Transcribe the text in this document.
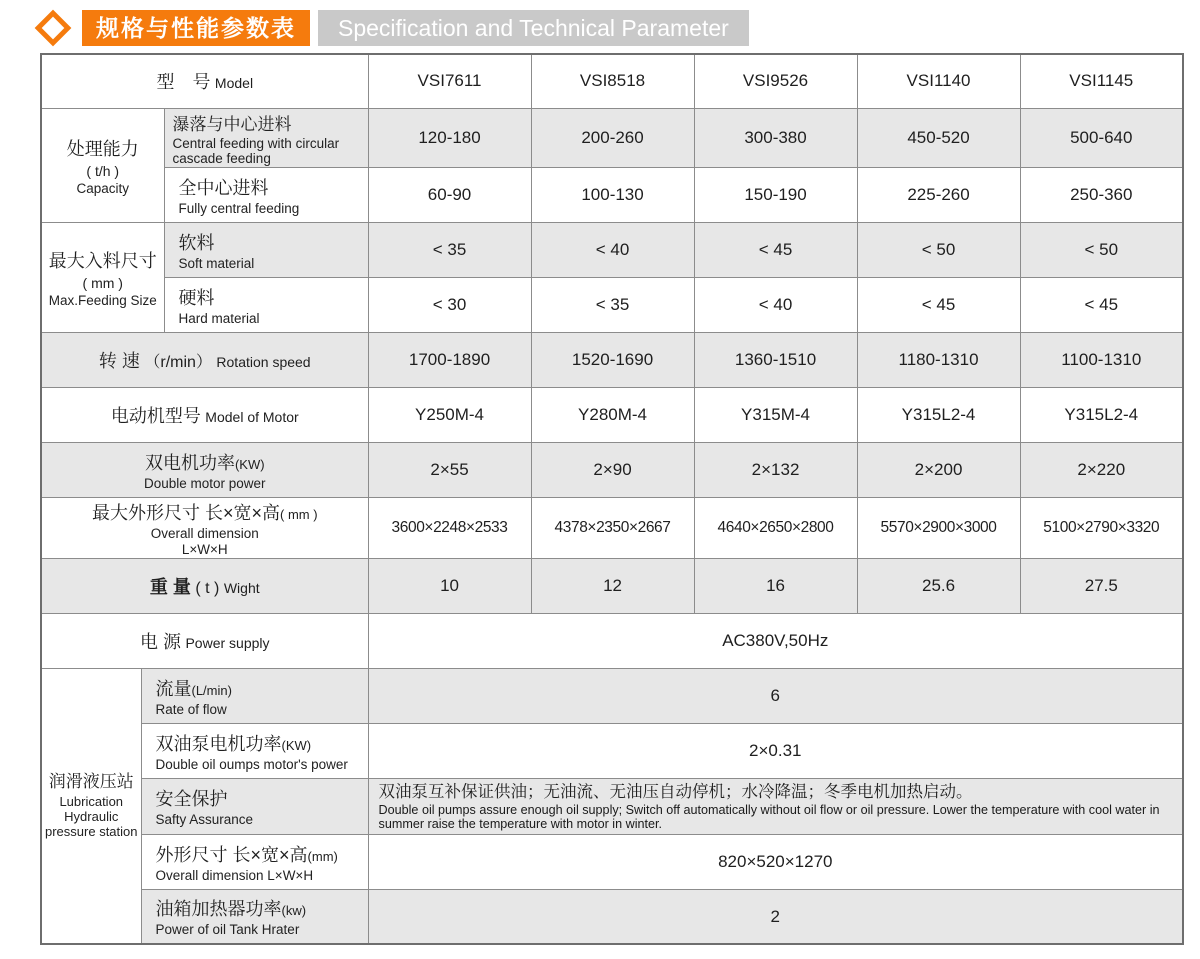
规格与性能参数表	Specification and Technical Parameter
型　号 Model			VSI7611	VSI8518	VSI9526	VSI1140	VSI1145
处理能力
( t/h )
Capacity		瀑落与中心进料
Central feeding with circular cascade feeding	120-180	200-260	300-380	450-520	500-640
		全中心进料
Fully central feeding	60-90	100-130	150-190	225-260	250-360
最大入料尺寸
( mm )
Max.Feeding Size		软料
Soft material	< 35	< 40	< 45	< 50	< 50
		硬料
Hard material	< 30	< 35	< 40	< 45	< 45
转 速 （r/min） Rotation speed			1700-1890	1520-1690	1360-1510	1180-1310	1100-1310
电动机型号 Model of Motor			Y250M-4	Y280M-4	Y315M-4	Y315L2-4	Y315L2-4
双电机功率(KW)
Double motor power			2×55	2×90	2×132	2×200	2×220
最大外形尺寸 长×宽×高( mm )
Overall dimension
L×W×H			3600×2248×2533	4378×2350×2667	4640×2650×2800	5570×2900×3000	5100×2790×3320
重 量 ( t ) Wight			10	12	16	25.6	27.5
电 源 Power supply			AC380V,50Hz				
润滑液压站
Lubrication Hydraulic pressure station	流量(L/min)
Rate of flow		6				
	双油泵电机功率(KW)
Double oil oumps motor's power		2×0.31				
	安全保护
Safty Assurance		双油泵互补保证供油；无油流、无油压自动停机；水冷降温；冬季电机加热启动。
Double oil pumps assure enough oil supply; Switch off automatically without oil flow or oil pressure. Lower the temperature with cool water in summer raise the temperature with motor in winter.				

	外形尺寸 长×宽×高(mm)
Overall dimension L×W×H		820×520×1270				
	油箱加热器功率(kw)
Power of oil Tank Hrater		2				
